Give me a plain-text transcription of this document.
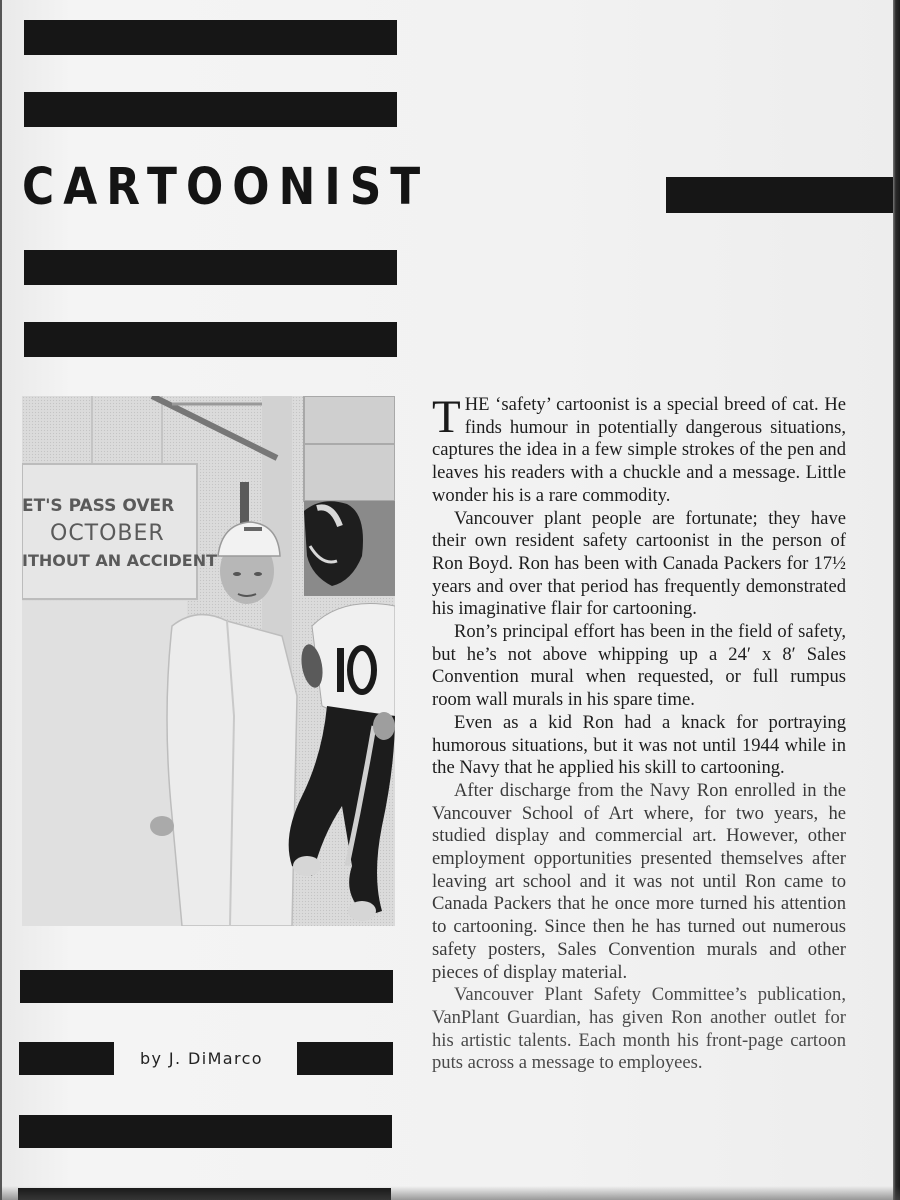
CARTOONIST
ET'S PASS OVER
OCTOBER
ITHOUT AN ACCIDENT
by J. DiMarco

THE ‘safety’ cartoonist is a special breed of cat. He finds humour in potentially dangerous situations, captures the idea in a few simple strokes of the pen and leaves his readers with a chuckle and a message. Little wonder his is a rare commodity.

Vancouver plant people are fortunate; they have their own resident safety cartoonist in the person of Ron Boyd. Ron has been with Canada Packers for 17½ years and over that period has frequently demonstrated his imaginative flair for cartooning.

Ron’s principal effort has been in the field of safety, but he’s not above whipping up a 24′ x 8′ Sales Convention mural when requested, or full rumpus room wall murals in his spare time.

Even as a kid Ron had a knack for portraying humorous situations, but it was not until 1944 while in the Navy that he applied his skill to cartooning.

After discharge from the Navy Ron enrolled in the Vancouver School of Art where, for two years, he studied display and commercial art. However, other employment opportunities presented themselves after leaving art school and it was not until Ron came to Canada Packers that he once more turned his attention to cartooning. Since then he has turned out numerous safety posters, Sales Convention murals and other pieces of display material.

Vancouver Plant Safety Committee’s publication, VanPlant Guardian, has given Ron another outlet for his artistic talents. Each month his front-page cartoon puts across a message to employees.
